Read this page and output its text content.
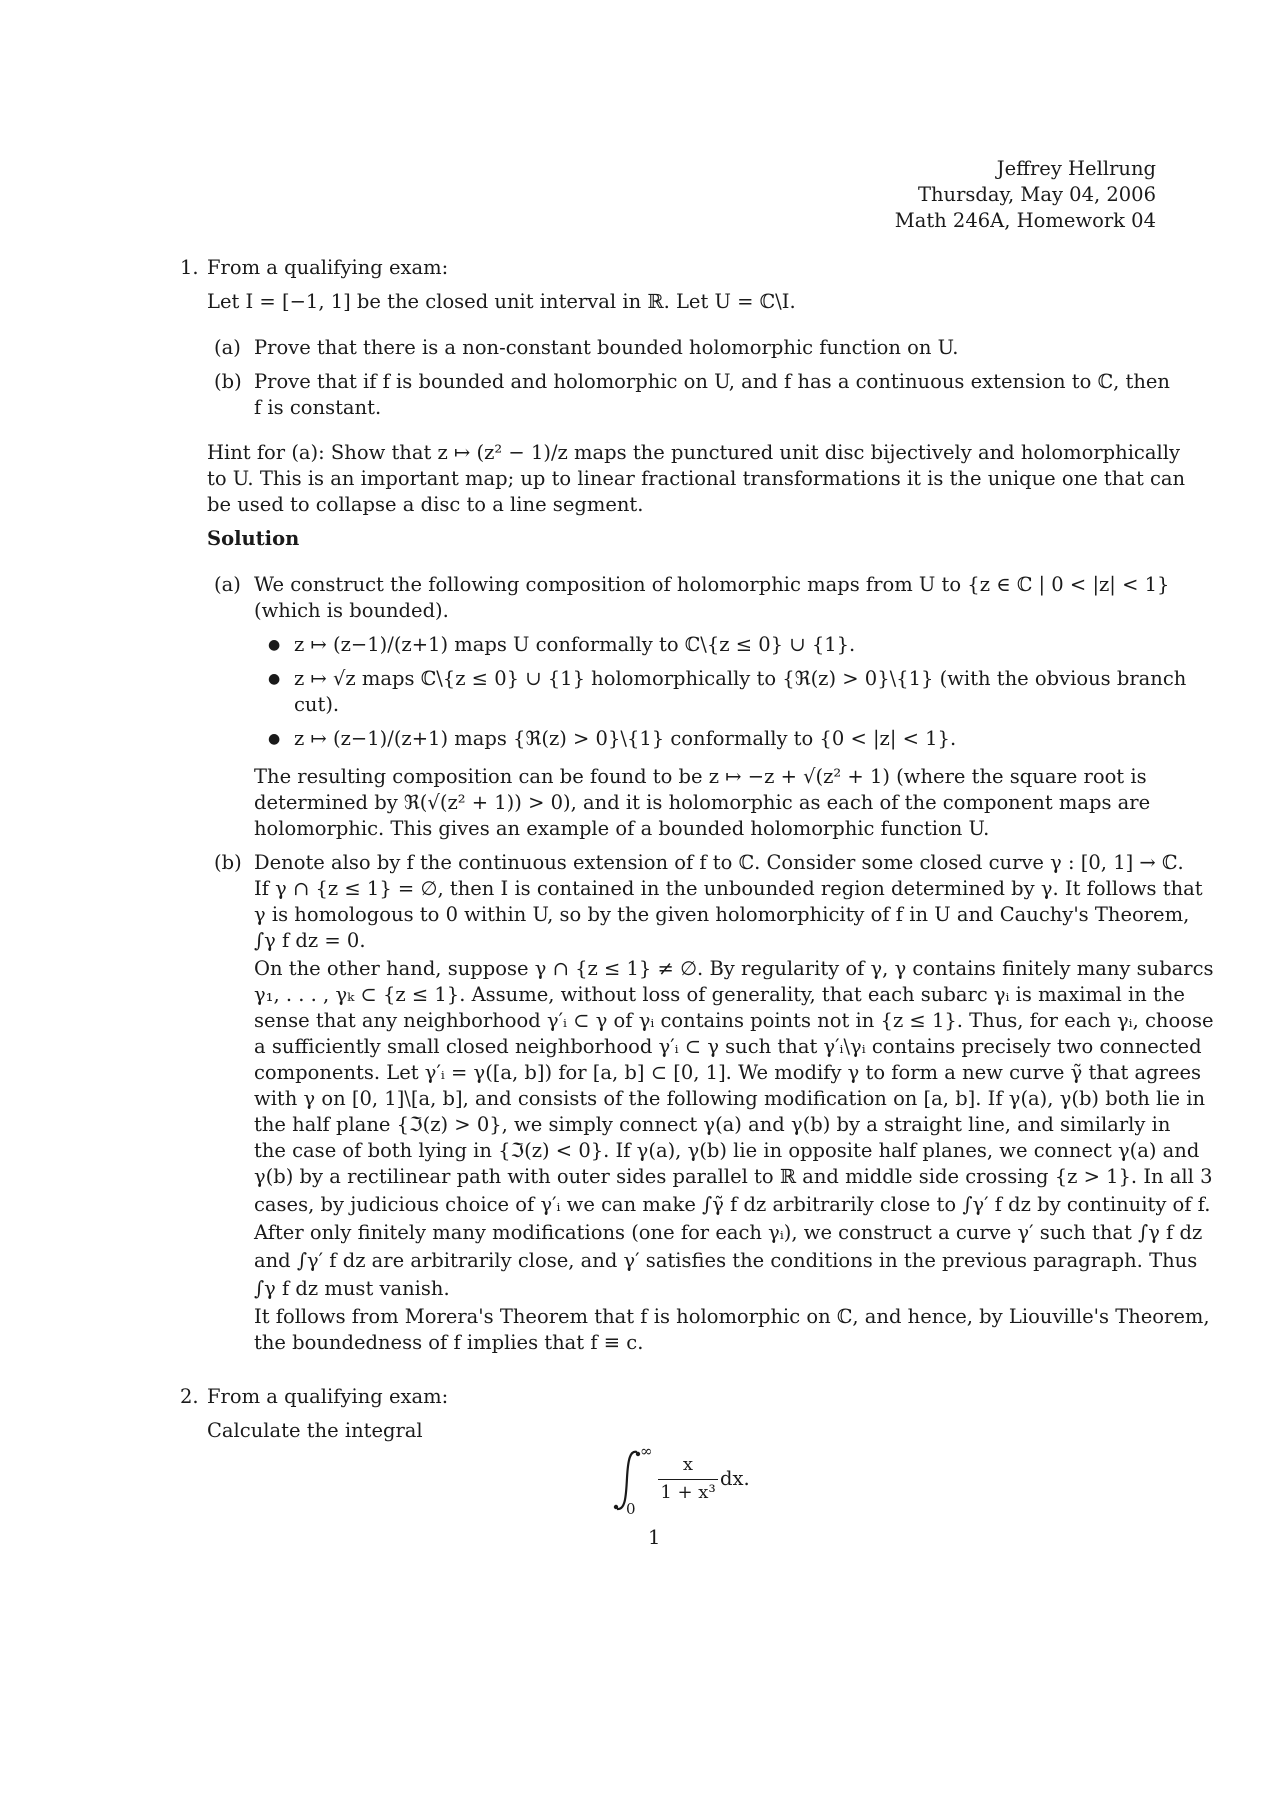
Jeffrey Hellrung
Thursday, May 04, 2006
Math 246A, Homework 04
1. From a qualifying exam:
Let I = [−1, 1] be the closed unit interval in ℝ. Let U = ℂ\I.
(a) Prove that there is a non-constant bounded holomorphic function on U.
(b) Prove that if f is bounded and holomorphic on U, and f has a continuous extension to ℂ, then
f is constant.
Hint for (a): Show that z ↦ (z² − 1)/z maps the punctured unit disc bijectively and holomorphically
to U. This is an important map; up to linear fractional transformations it is the unique one that can
be used to collapse a disc to a line segment.
Solution
(a) We construct the following composition of holomorphic maps from U to {z ∈ ℂ | 0 < |z| < 1}
(which is bounded).
● z ↦ (z−1)/(z+1) maps U conformally to ℂ\{z ≤ 0} ∪ {1}.
● z ↦ √z maps ℂ\{z ≤ 0} ∪ {1} holomorphically to {ℜ(z) > 0}\{1} (with the obvious branch
cut).
● z ↦ (z−1)/(z+1) maps {ℜ(z) > 0}\{1} conformally to {0 < |z| < 1}.
The resulting composition can be found to be z ↦ −z + √(z² + 1) (where the square root is
determined by ℜ(√(z² + 1)) > 0), and it is holomorphic as each of the component maps are
holomorphic. This gives an example of a bounded holomorphic function U.
(b) Denote also by f the continuous extension of f to ℂ. Consider some closed curve γ : [0, 1] → ℂ.
If γ ∩ {z ≤ 1} = ∅, then I is contained in the unbounded region determined by γ. It follows that
γ is homologous to 0 within U, so by the given holomorphicity of f in U and Cauchy's Theorem,
∫γ f dz = 0.
On the other hand, suppose γ ∩ {z ≤ 1} ≠ ∅. By regularity of γ, γ contains finitely many subarcs
γ₁, . . . , γₖ ⊂ {z ≤ 1}. Assume, without loss of generality, that each subarc γᵢ is maximal in the
sense that any neighborhood γ′ᵢ ⊂ γ of γᵢ contains points not in {z ≤ 1}. Thus, for each γᵢ, choose
a sufficiently small closed neighborhood γ′ᵢ ⊂ γ such that γ′ᵢ\γᵢ contains precisely two connected
components. Let γ′ᵢ = γ([a, b]) for [a, b] ⊂ [0, 1]. We modify γ to form a new curve γ̃ that agrees
with γ on [0, 1]\[a, b], and consists of the following modification on [a, b]. If γ(a), γ(b) both lie in
the half plane {ℑ(z) > 0}, we simply connect γ(a) and γ(b) by a straight line, and similarly in
the case of both lying in {ℑ(z) < 0}. If γ(a), γ(b) lie in opposite half planes, we connect γ(a) and
γ(b) by a rectilinear path with outer sides parallel to ℝ and middle side crossing {z > 1}. In all 3
cases, by judicious choice of γ′ᵢ we can make ∫γ̃ f dz arbitrarily close to ∫γ′ f dz by continuity of f.
After only finitely many modifications (one for each γᵢ), we construct a curve γ′ such that ∫γ f dz
and ∫γ′ f dz are arbitrarily close, and γ′ satisfies the conditions in the previous paragraph. Thus
∫γ f dz must vanish.
It follows from Morera's Theorem that f is holomorphic on ℂ, and hence, by Liouville's Theorem,
the boundedness of f implies that f ≡ c.
2. From a qualifying exam:
Calculate the integral
∞
0
x
1 + x³
dx.
1
